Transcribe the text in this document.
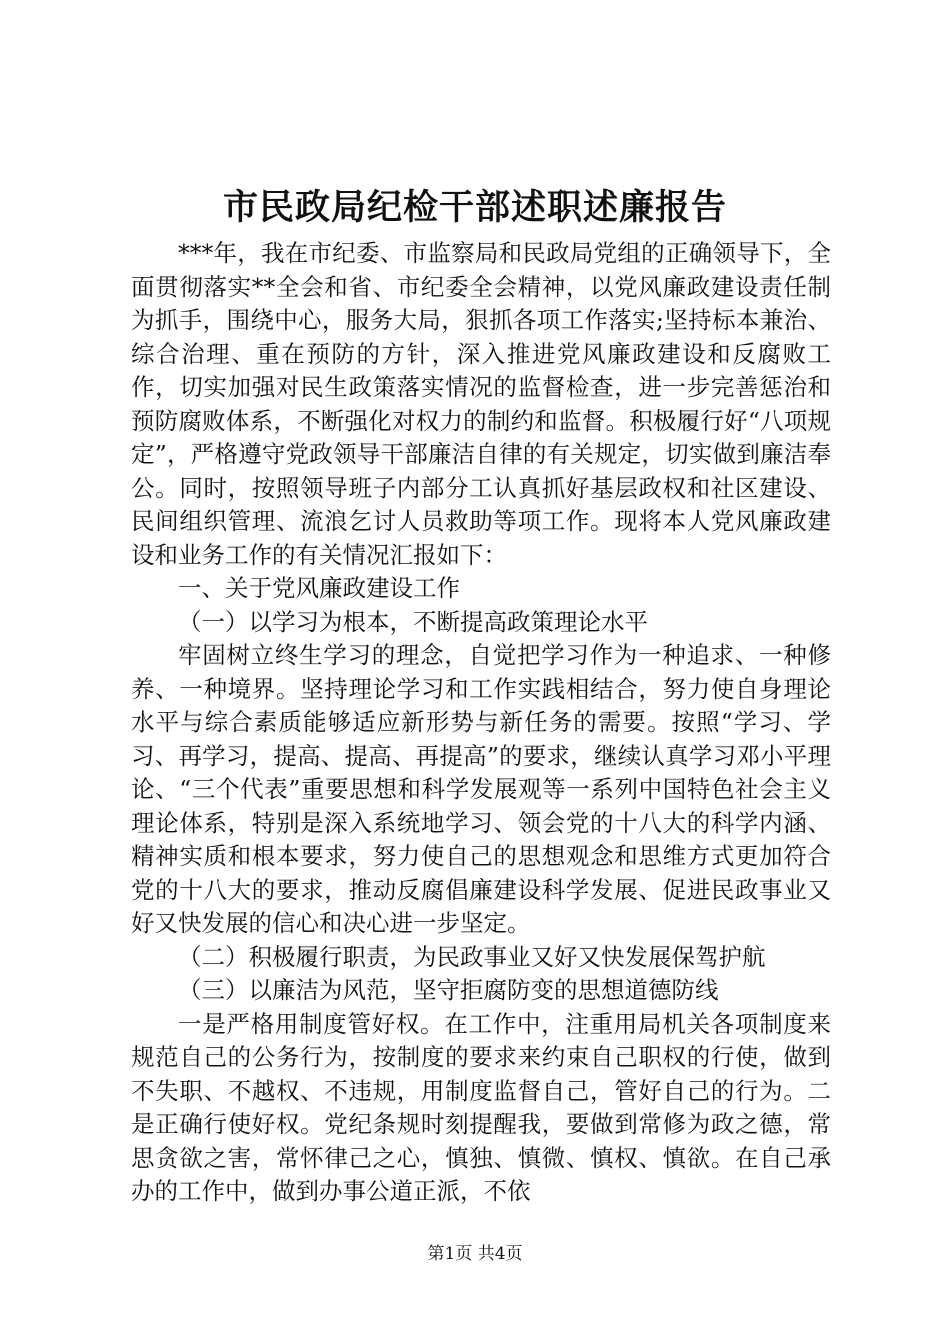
市民政局纪检干部述职述廉报告

***年，我在市纪委、市监察局和民政局党组的正确领导下，全面贯彻落实**全会和省、市纪委全会精神，以党风廉政建设责任制为抓手，围绕中心，服务大局，狠抓各项工作落实;坚持标本兼治、综合治理、重在预防的方针，深入推进党风廉政建设和反腐败工作，切实加强对民生政策落实情况的监督检查，进一步完善惩治和预防腐败体系，不断强化对权力的制约和监督。积极履行好“八项规定”，严格遵守党政领导干部廉洁自律的有关规定，切实做到廉洁奉公。同时，按照领导班子内部分工认真抓好基层政权和社区建设、民间组织管理、流浪乞讨人员救助等项工作。现将本人党风廉政建设和业务工作的有关情况汇报如下：

一、关于党风廉政建设工作

（一）以学习为根本，不断提高政策理论水平

牢固树立终生学习的理念，自觉把学习作为一种追求、一种修养、一种境界。坚持理论学习和工作实践相结合，努力使自身理论水平与综合素质能够适应新形势与新任务的需要。按照“学习、学习、再学习，提高、提高、再提高”的要求，继续认真学习邓小平理论、“三个代表”重要思想和科学发展观等一系列中国特色社会主义理论体系，特别是深入系统地学习、领会党的十八大的科学内涵、精神实质和根本要求，努力使自己的思想观念和思维方式更加符合党的十八大的要求，推动反腐倡廉建设科学发展、促进民政事业又好又快发展的信心和决心进一步坚定。

（二）积极履行职责，为民政事业又好又快发展保驾护航

（三）以廉洁为风范，坚守拒腐防变的思想道德防线

一是严格用制度管好权。在工作中，注重用局机关各项制度来规范自己的公务行为，按制度的要求来约束自己职权的行使，做到不失职、不越权、不违规，用制度监督自己，管好自己的行为。二是正确行使好权。党纪条规时刻提醒我，要做到常修为政之德，常思贪欲之害，常怀律己之心，慎独、慎微、慎权、慎欲。在自己承办的工作中，做到办事公道正派，不依

第1页 共4页
